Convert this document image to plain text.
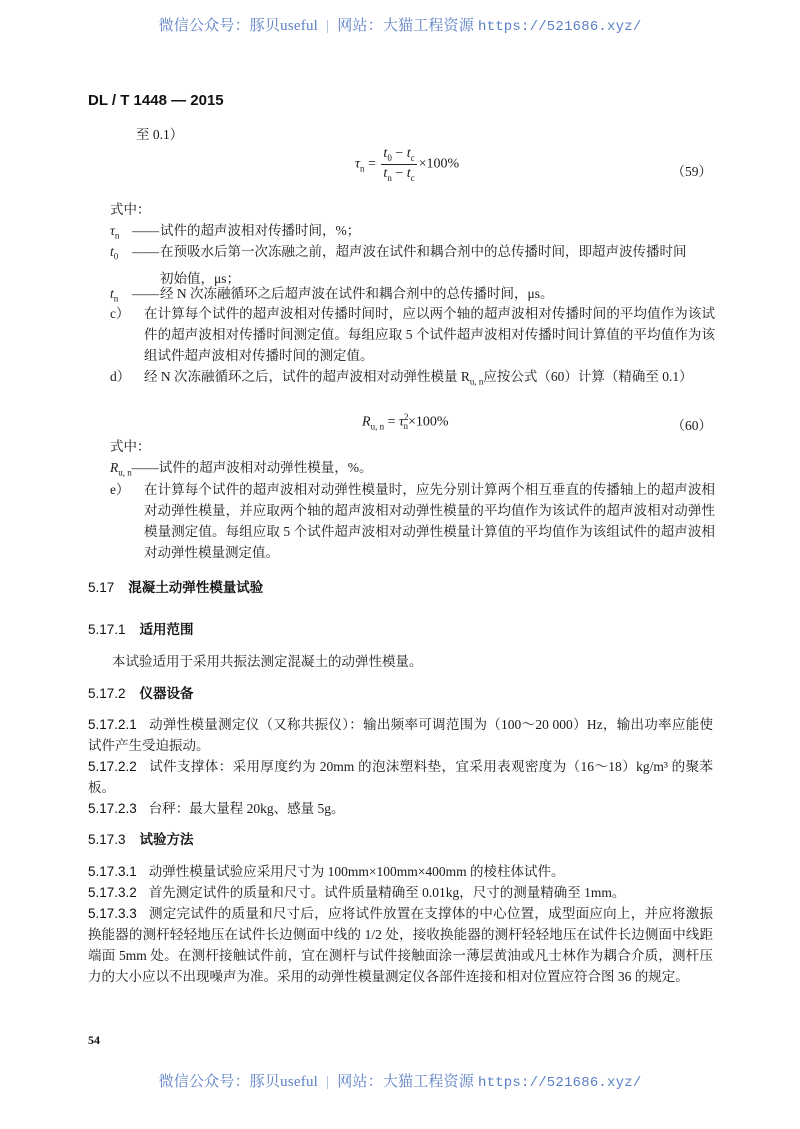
微信公众号：豚贝useful | 网站：大猫工程资源 https://521686.xyz/
DL / T 1448 — 2015
至 0.1）
$\tau_n = \frac{t_0 - t_c}{t_n - t_c} \times 100\%$	（59）
式中：
$\tau_n$ ——试件的超声波相对传播时间，%；
$t_0$ ——在预吸水后第一次冻融之前，超声波在试件和耦合剂中的总传播时间，即超声波传播时间
初始值，μs；
$t_n$ ——经 N 次冻融循环之后超声波在试件和耦合剂中的总传播时间，μs。
c）	在计算每个试件的超声波相对传播时间时，应以两个轴的超声波相对传播时间的平均值作为该试件的超声波相对传播时间测定值。每组应取 5 个试件超声波相对传播时间计算值的平均值作为该组试件超声波相对传播时间的测定值。
d）	经 N 次冻融循环之后，试件的超声波相对动弹性模量 $R_{u, n}$应按公式（60）计算（精确至 0.1）
$R_{u, n} = \tau^2_n\times 100\%$	（60）
式中：
$R_{u, n}——$试件的超声波相对动弹性模量，%。
e）	在计算每个试件的超声波相对动弹性模量时，应先分别计算两个相互垂直的传播轴上的超声波相对动弹性模量，并应取两个轴的超声波相对动弹性模量的平均值作为该试件的超声波相对动弹性模量测定值。每组应取 5 个试件超声波相对动弹性模量计算值的平均值作为该组试件的超声波相对动弹性模量测定值。
5.17 混凝土动弹性模量试验
5.17.1 适用范围
本试验适用于采用共振法测定混凝土的动弹性模量。
5.17.2 仪器设备
5.17.2.1 动弹性模量测定仪（又称共振仪）：输出频率可调范围为（100～20 000）Hz，输出功率应能使试件产生受迫振动。
5.17.2.2 试件支撑体：采用厚度约为 20mm 的泡沫塑料垫，宜采用表观密度为（16～18）kg/m³ 的聚苯板。
5.17.2.3 台秤：最大量程 20kg、感量 5g。
5.17.3 试验方法
5.17.3.1 动弹性模量试验应采用尺寸为 100mm×100mm×400mm 的棱柱体试件。
5.17.3.2 首先测定试件的质量和尺寸。试件质量精确至 0.01kg，尺寸的测量精确至 1mm。
5.17.3.3 测定完试件的质量和尺寸后，应将试件放置在支撑体的中心位置，成型面应向上，并应将激振换能器的测杆轻轻地压在试件长边侧面中线的 1/2 处，接收换能器的测杆轻轻地压在试件长边侧面中线距端面 5mm 处。在测杆接触试件前，宜在测杆与试件接触面涂一薄层黄油或凡士林作为耦合介质，测杆压力的大小应以不出现噪声为准。采用的动弹性模量测定仪各部件连接和相对位置应符合图 36 的规定。
54
微信公众号：豚贝useful | 网站：大猫工程资源 https://521686.xyz/
